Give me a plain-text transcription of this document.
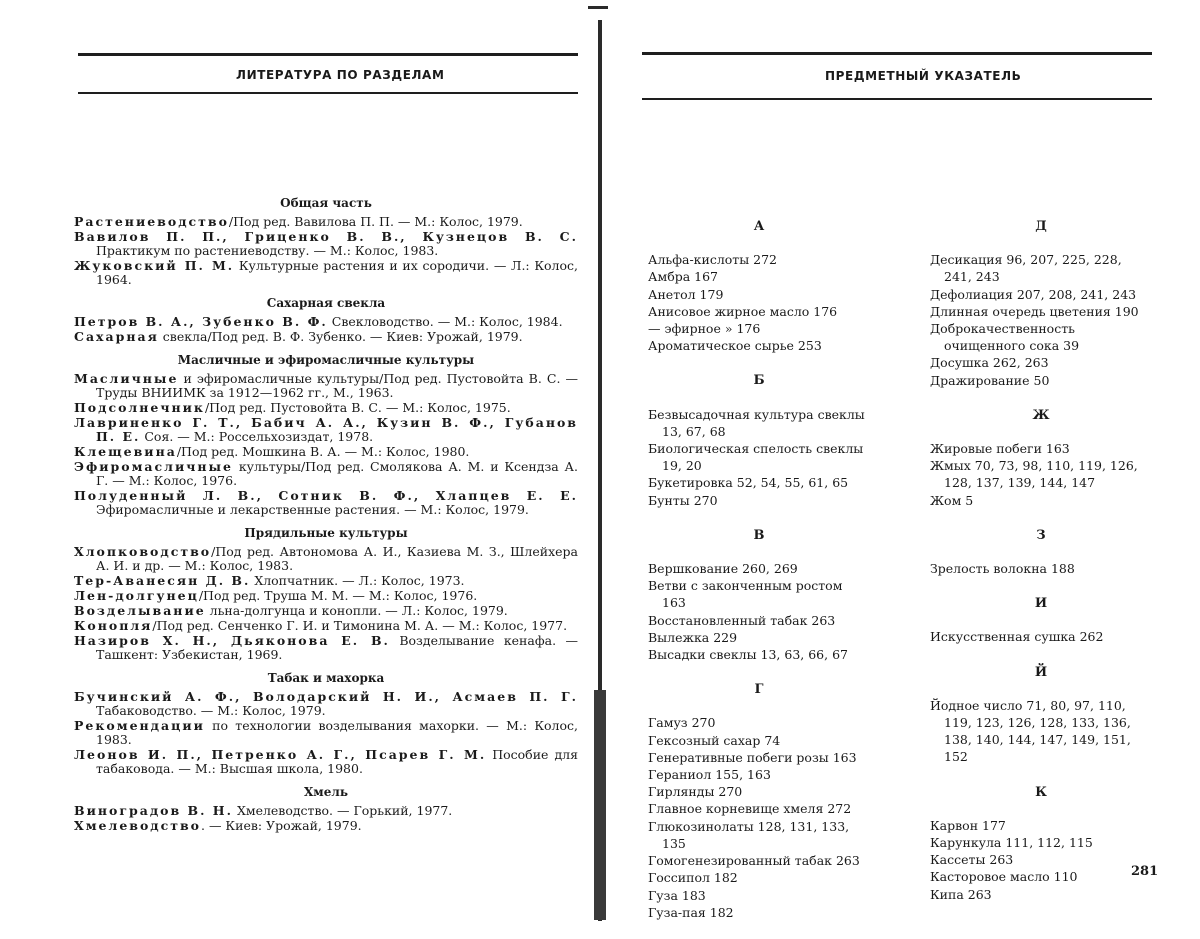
ЛИТЕРАТУРА ПО РАЗДЕЛАМ
Общая часть
Растениеводство/Под ред. Вавилова П. П. — М.: Колос, 1979.
Вавилов П. П., Гриценко В. В., Кузнецов В. С. Практикум по растениеводству. — М.: Колос, 1983.
Жуковский П. М. Культурные растения и их сородичи. — Л.: Колос, 1964.
Сахарная свекла
Петров В. А., Зубенко В. Ф. Свекловодство. — М.: Колос, 1984.
Сахарная свекла/Под ред. В. Ф. Зубенко. — Киев: Урожай, 1979.
Масличные и эфиромасличные культуры
Масличные и эфиромасличные культуры/Под ред. Пустовойта В. С. — Труды ВНИИМК за 1912—1962 гг., М., 1963.
Подсолнечник/Под ред. Пустовойта В. С. — М.: Колос, 1975.
Лавриненко Г. Т., Бабич А. А., Кузин В. Ф., Губанов П. Е. Соя. — М.: Россельхозиздат, 1978.
Клещевина/Под ред. Мошкина В. А. — М.: Колос, 1980.
Эфиромасличные культуры/Под ред. Смолякова А. М. и Ксендза А. Г. — М.: Колос, 1976.
Полуденный Л. В., Сотник В. Ф., Хлапцев Е. Е. Эфиромасличные и лекарственные растения. — М.: Колос, 1979.
Прядильные культуры
Хлопководство/Под ред. Автономова А. И., Казиева М. З., Шлейхера А. И. и др. — М.: Колос, 1983.
Тер-Аванесян Д. В. Хлопчатник. — Л.: Колос, 1973.
Лен-долгунец/Под ред. Труша М. М. — М.: Колос, 1976.
Возделывание льна-долгунца и конопли. — Л.: Колос, 1979.
Конопля/Под ред. Сенченко Г. И. и Тимонина М. А. — М.: Колос, 1977.
Назиров Х. Н., Дьяконова Е. В. Возделывание кенафа. — Ташкент: Узбекистан, 1969.
Табак и махорка
Бучинский А. Ф., Володарский Н. И., Асмаев П. Г. Табаководство. — М.: Колос, 1979.
Рекомендации по технологии возделывания махорки. — М.: Колос, 1983.
Леонов И. П., Петренко А. Г., Псарев Г. М. Пособие для табаковода. — М.: Высшая школа, 1980.
Хмель
Виноградов В. Н. Хмелеводство. — Горький, 1977.
Хмелеводство. — Киев: Урожай, 1979.
ПРЕДМЕТНЫЙ УКАЗАТЕЛЬ
А
Альфа-кислоты 272
Амбра 167
Анетол 179
Анисовое жирное масло 176
— эфирное » 176
Ароматическое сырье 253
Б
Безвысадочная культура свеклы 13, 67, 68
Биологическая спелость свеклы 19, 20
Букетировка 52, 54, 55, 61, 65
Бунты 270
В
Вершкование 260, 269
Ветви с законченным ростом 163
Восстановленный табак 263
Вылежка 229
Высадки свеклы 13, 63, 66, 67
Г
Гамуз 270
Гексозный сахар 74
Генеративные побеги розы 163
Гераниол 155, 163
Гирлянды 270
Главное корневище хмеля 272
Глюкозинолаты 128, 131, 133, 135
Гомогенезированный табак 263
Госсипол 182
Гуза 183
Гуза-пая 182
Д
Десикация 96, 207, 225, 228, 241, 243
Дефолиация 207, 208, 241, 243
Длинная очередь цветения 190
Доброкачественность очищенного сока 39
Досушка 262, 263
Дражирование 50
Ж
Жировые побеги 163
Жмых 70, 73, 98, 110, 119, 126, 128, 137, 139, 144, 147
Жом 5
З
Зрелость волокна 188
И
Искусственная сушка 262
Й
Йодное число 71, 80, 97, 110, 119, 123, 126, 128, 133, 136, 138, 140, 144, 147, 149, 151, 152
К
Карвон 177
Карункула 111, 112, 115
Кассеты 263
Касторовое масло 110
Кипа 263
281
